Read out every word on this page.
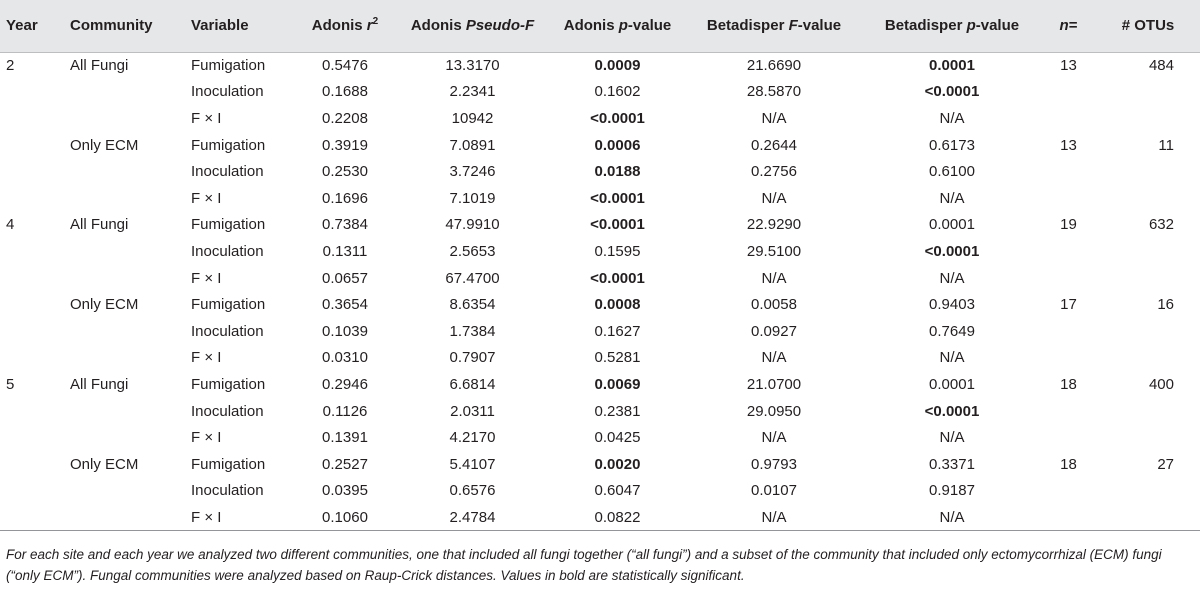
Year	Community	Variable	Adonis $r^2$	Adonis Pseudo-F	Adonis p-value	Betadisper F-value	Betadisper p-value	n=	# OTUs
2	All Fungi	Fumigation	0.5476	13.3170	0.0009	21.6690	0.0001	13	484
		Inoculation	0.1688	2.2341	0.1602	28.5870	<0.0001		
		F × I	0.2208	10942	<0.0001	N/A	N/A		
	Only ECM	Fumigation	0.3919	7.0891	0.0006	0.2644	0.6173	13	11
		Inoculation	0.2530	3.7246	0.0188	0.2756	0.6100		
		F × I	0.1696	7.1019	<0.0001	N/A	N/A		
4	All Fungi	Fumigation	0.7384	47.9910	<0.0001	22.9290	0.0001	19	632
		Inoculation	0.1311	2.5653	0.1595	29.5100	<0.0001		
		F × I	0.0657	67.4700	<0.0001	N/A	N/A		
	Only ECM	Fumigation	0.3654	8.6354	0.0008	0.0058	0.9403	17	16
		Inoculation	0.1039	1.7384	0.1627	0.0927	0.7649		
		F × I	0.0310	0.7907	0.5281	N/A	N/A		
5	All Fungi	Fumigation	0.2946	6.6814	0.0069	21.0700	0.0001	18	400
		Inoculation	0.1126	2.0311	0.2381	29.0950	<0.0001		
		F × I	0.1391	4.2170	0.0425	N/A	N/A		
	Only ECM	Fumigation	0.2527	5.4107	0.0020	0.9793	0.3371	18	27
		Inoculation	0.0395	0.6576	0.6047	0.0107	0.9187		
		F × I	0.1060	2.4784	0.0822	N/A	N/A		
For each site and each year we analyzed two different communities, one that included all fungi together (“all fungi”) and a subset of the community that included only ectomycorrhizal (ECM) fungi (“only ECM”). Fungal communities were analyzed based on Raup-Crick distances. Values in bold are statistically significant.
